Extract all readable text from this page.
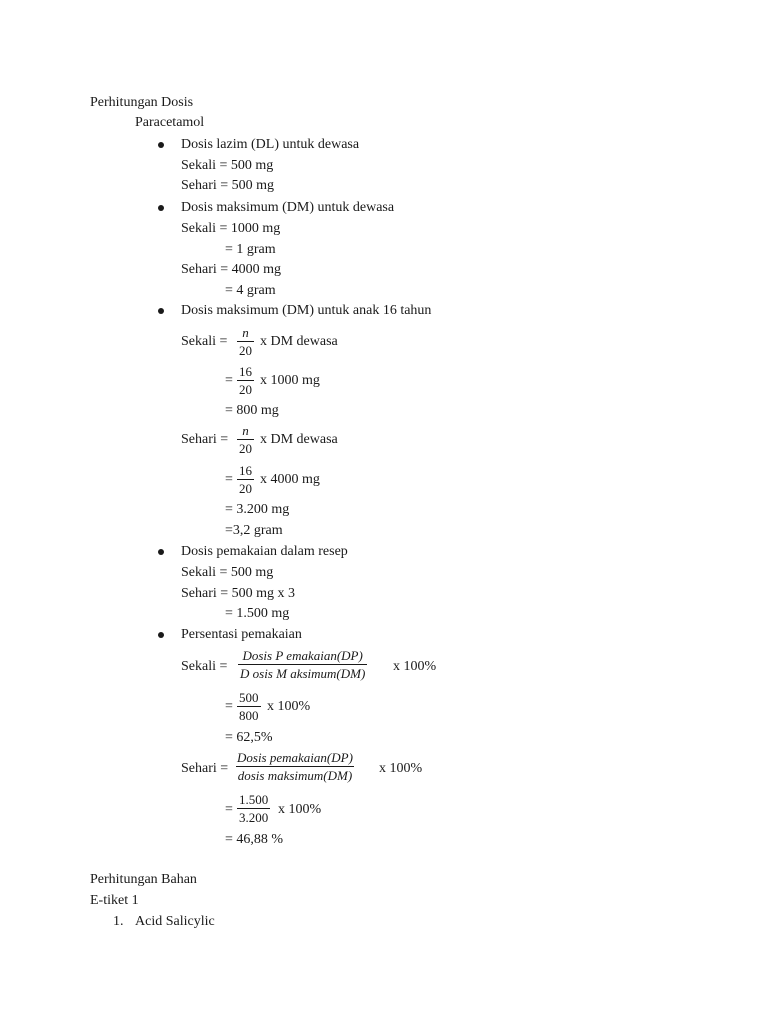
Perhitungan Dosis
Paracetamol
Dosis lazim (DL) untuk dewasa
Sekali = 500 mg
Sehari = 500 mg
Dosis maksimum (DM) untuk dewasa
Sekali = 1000 mg
= 1 gram
Sehari = 4000 mg
= 4 gram
Dosis maksimum (DM) untuk anak 16 tahun
Sekali = $\frac{n}{20}$ x DM dewasa
= $\frac{16}{20}$ x 1000 mg
= 800 mg
Sehari = $\frac{n}{20}$ x DM dewasa
= $\frac{16}{20}$ x 4000 mg
= 3.200 mg
=3,2 gram
Dosis pemakaian dalam resep
Sekali = 500 mg
Sehari = 500 mg x 3
= 1.500 mg
Persentasi pemakaian
Sekali =
Dosis P emakaian(DP)
D osis M aksimum(DM) x 100%
= $\frac{500}{800}$ x 100%
= 62,5%
Sehari =
Dosis pemakaian(DP)
dosis maksimum(DM) x 100%
= $\frac{1.500}{3.200}$ x 100%
= 46,88 %
Perhitungan Bahan
E-tiket 1
1. Acid Salicylic
